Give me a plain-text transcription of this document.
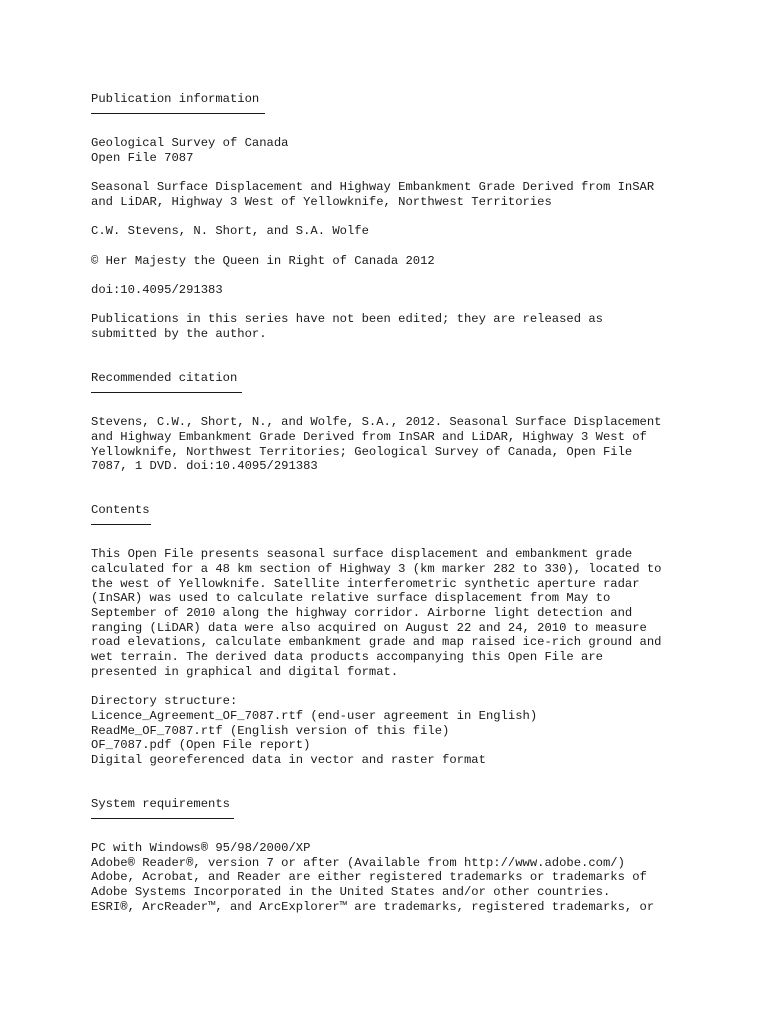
Publication information
Geological Survey of Canada
Open File 7087
Seasonal Surface Displacement and Highway Embankment Grade Derived from InSAR
and LiDAR, Highway 3 West of Yellowknife, Northwest Territories
C.W. Stevens, N. Short, and S.A. Wolfe
© Her Majesty the Queen in Right of Canada 2012
doi:10.4095/291383
Publications in this series have not been edited; they are released as
submitted by the author.
Recommended citation
Stevens, C.W., Short, N., and Wolfe, S.A., 2012. Seasonal Surface Displacement
and Highway Embankment Grade Derived from InSAR and LiDAR, Highway 3 West of
Yellowknife, Northwest Territories; Geological Survey of Canada, Open File
7087, 1 DVD. doi:10.4095/291383
Contents
This Open File presents seasonal surface displacement and embankment grade
calculated for a 48 km section of Highway 3 (km marker 282 to 330), located to
the west of Yellowknife. Satellite interferometric synthetic aperture radar
(InSAR) was used to calculate relative surface displacement from May to
September of 2010 along the highway corridor. Airborne light detection and
ranging (LiDAR) data were also acquired on August 22 and 24, 2010 to measure
road elevations, calculate embankment grade and map raised ice-rich ground and
wet terrain. The derived data products accompanying this Open File are
presented in graphical and digital format.
Directory structure:
Licence_Agreement_OF_7087.rtf (end-user agreement in English)
ReadMe_OF_7087.rtf (English version of this file)
OF_7087.pdf (Open File report)
Digital georeferenced data in vector and raster format
System requirements
PC with Windows® 95/98/2000/XP
Adobe® Reader®, version 7 or after (Available from http://www.adobe.com/)
Adobe, Acrobat, and Reader are either registered trademarks or trademarks of
Adobe Systems Incorporated in the United States and/or other countries.
ESRI®, ArcReader™, and ArcExplorer™ are trademarks, registered trademarks, or
